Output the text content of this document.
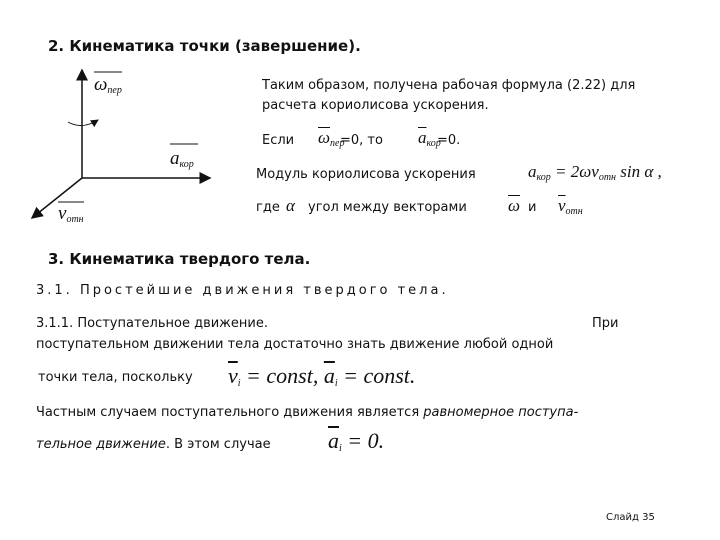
2. Кинематика точки (завершение).
$\omega_{пер}$
$a_{кор}$
$v_{отн}$
Таким образом, получена рабочая формула (2.22) для
расчета кориолисова ускорения.
Если $\overline{\omega}_{пер}$
=0, то $\overline{a}_{кор}$
=0.
Модуль кориолисова ускорения	$a_{кор} = 2\omega v_{отн}$ sin α ,
где α угол между векторами $\overline{\omega}$ и $\overline{v}_{отн}$
3. Кинематика твердого тела.
3.1. Простейшие движения твердого тела.
3.1.1. Поступательное движение.	При
поступательном движении тела достаточно знать движение любой одной
точки тела, поскольку $\overline{v}_i$ = const, $\overline{a}_i$ = const.
Частным случаем поступательного движения является равномерное поступа-
тельное движение. В этом случае	$\overline{a}_i = 0$.
Слайд 35
